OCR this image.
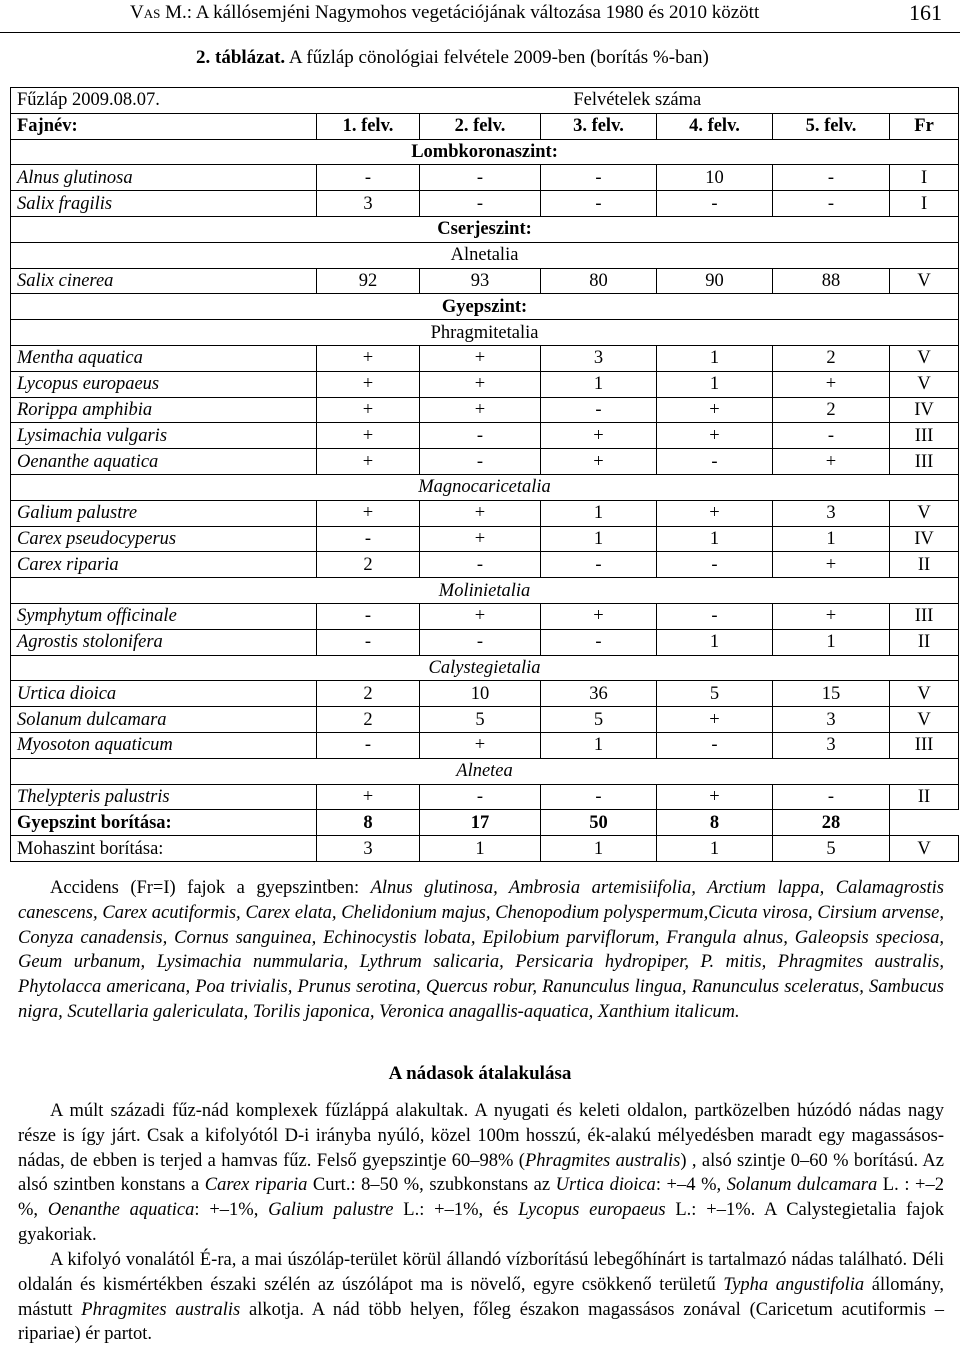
Vas M.: A kállósemjéni Nagymohos vegetációjának változása 1980 és 2010 között	161
2. táblázat. A fűzláp cönológiai felvétele 2009-ben (borítás %-ban)
Fűzláp 2009.08.07.	Felvételek száma					
Fajnév:	1. felv.	2. felv.	3. felv.	4. felv.	5. felv.	Fr
Lombkoronaszint:						
Alnus glutinosa	-	-	-	10	-	I
Salix fragilis	3	-	-	-	-	I
Cserjeszint:						
Alnetalia						
Salix cinerea	92	93	80	90	88	V
Gyepszint:						
Phragmitetalia						
Mentha aquatica	+	+	3	1	2	V
Lycopus europaeus	+	+	1	1	+	V
Rorippa amphibia	+	+	-	+	2	IV
Lysimachia vulgaris	+	-	+	+	-	III
Oenanthe aquatica	+	-	+	-	+	III
Magnocaricetalia						
Galium palustre	+	+	1	+	3	V
Carex pseudocyperus	-	+	1	1	1	IV
Carex riparia	2	-	-	-	+	II
Molinietalia						
Symphytum officinale	-	+	+	-	+	III
Agrostis stolonifera	-	-	-	1	1	II
Calystegietalia						
Urtica dioica	2	10	36	5	15	V
Solanum dulcamara	2	5	5	+	3	V
Myosoton aquaticum	-	+	1	-	3	III
Alnetea						
Thelypteris palustris	+	-	-	+	-	II
Gyepszint borítása:	8	17	50	8	28	
Mohaszint borítása:	3	1	1	1	5	V

Accidens (Fr=I) fajok a gyepszintben: Alnus glutinosa, Ambrosia artemisiifolia, Arctium lappa, Calamagrostis canescens, Carex acutiformis, Carex elata, Chelidonium majus, Chenopodium polyspermum,Cicuta virosa, Cirsium arvense, Conyza canadensis, Cornus sanguinea, Echinocystis lobata, Epilobium parviflorum, Frangula alnus, Galeopsis speciosa, Geum urbanum, Lysimachia nummularia, Lythrum salicaria, Persicaria hydropiper, P. mitis, Phragmites australis, Phytolacca americana, Poa trivialis, Prunus serotina, Quercus robur, Ranunculus lingua, Ranunculus sceleratus, Sambucus nigra, Scutellaria galericulata, Torilis japonica, Veronica anagallis-aquatica, Xanthium italicum.

A nádasok átalakulása

A múlt századi fűz-nád komplexek fűzláppá alakultak. A nyugati és keleti oldalon, partközelben húzódó nádas nagy része is így járt. Csak a kifolyótól D-i irányba nyúló, közel 100m hosszú, ék-alakú mélyedésben maradt egy magassásos-nádas, de ebben is terjed a hamvas fűz. Felső gyepszintje 60–98% (Phragmites australis) , alsó szintje 0–60 % borítású. Az alsó szintben konstans a Carex riparia Curt.: 8–50 %, szubkonstans az Urtica dioica: +–4 %, Solanum dulcamara L. : +–2 %, Oenanthe aquatica: +–1%, Galium palustre L.: +–1%, és Lycopus europaeus L.: +–1%. A Calystegietalia fajok gyakoriak.

A kifolyó vonalától É-ra, a mai úszóláp-terület körül állandó vízborítású lebegőhínárt is tartalmazó nádas található. Déli oldalán és kismértékben északi szélén az úszólápot ma is növelő, egyre csökkenő területű Typha angustifolia állomány, mástutt Phragmites australis alkotja. A nád több helyen, főleg északon magassásos zonával (Caricetum acutiformis – ripariae) ér partot.
